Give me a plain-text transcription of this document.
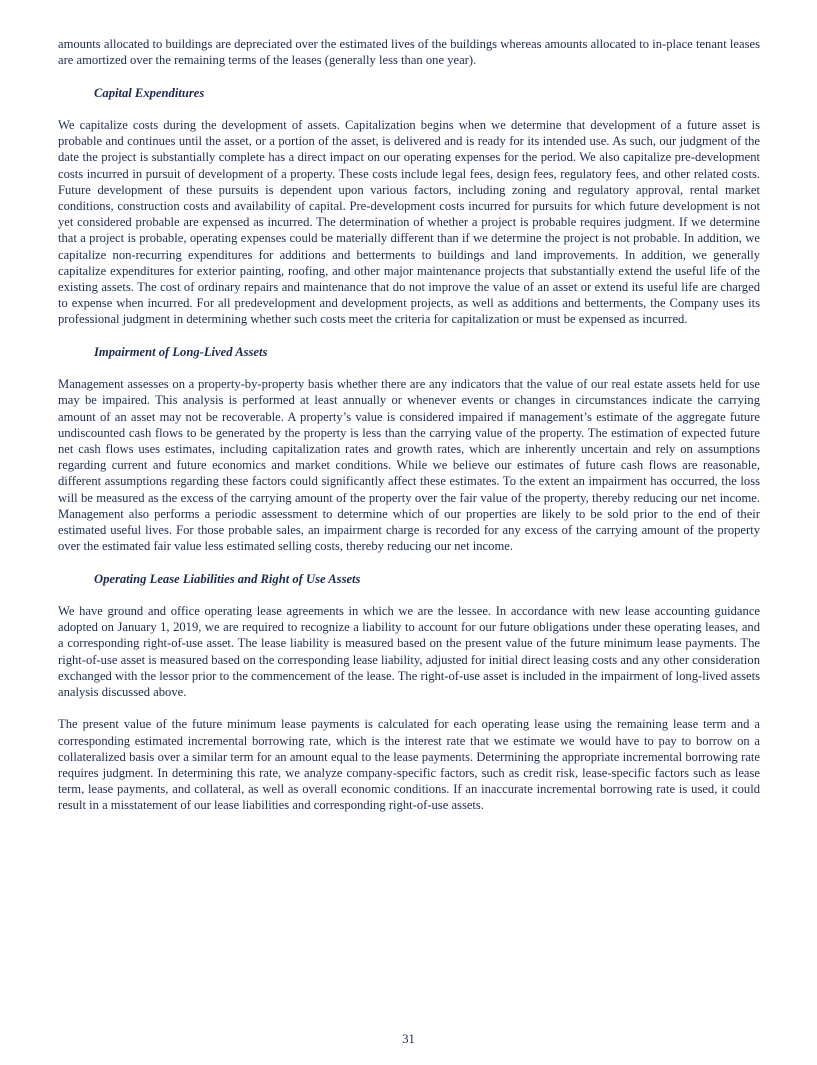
amounts allocated to buildings are depreciated over the estimated lives of the buildings whereas amounts allocated to in-place tenant leases are amortized over the remaining terms of the leases (generally less than one year).

Capital Expenditures

We capitalize costs during the development of assets. Capitalization begins when we determine that development of a future asset is probable and continues until the asset, or a portion of the asset, is delivered and is ready for its intended use. As such, our judgment of the date the project is substantially complete has a direct impact on our operating expenses for the period. We also capitalize pre-development costs incurred in pursuit of development of a property. These costs include legal fees, design fees, regulatory fees, and other related costs. Future development of these pursuits is dependent upon various factors, including zoning and regulatory approval, rental market conditions, construction costs and availability of capital. Pre-development costs incurred for pursuits for which future development is not yet considered probable are expensed as incurred. The determination of whether a project is probable requires judgment. If we determine that a project is probable, operating expenses could be materially different than if we determine the project is not probable. In addition, we capitalize non-recurring expenditures for additions and betterments to buildings and land improvements. In addition, we generally capitalize expenditures for exterior painting, roofing, and other major maintenance projects that substantially extend the useful life of the existing assets. The cost of ordinary repairs and maintenance that do not improve the value of an asset or extend its useful life are charged to expense when incurred. For all predevelopment and development projects, as well as additions and betterments, the Company uses its professional judgment in determining whether such costs meet the criteria for capitalization or must be expensed as incurred.

Impairment of Long-Lived Assets

Management assesses on a property-by-property basis whether there are any indicators that the value of our real estate assets held for use may be impaired. This analysis is performed at least annually or whenever events or changes in circumstances indicate the carrying amount of an asset may not be recoverable. A property’s value is considered impaired if management’s estimate of the aggregate future undiscounted cash flows to be generated by the property is less than the carrying value of the property. The estimation of expected future net cash flows uses estimates, including capitalization rates and growth rates, which are inherently uncertain and rely on assumptions regarding current and future economics and market conditions. While we believe our estimates of future cash flows are reasonable, different assumptions regarding these factors could significantly affect these estimates. To the extent an impairment has occurred, the loss will be measured as the excess of the carrying amount of the property over the fair value of the property, thereby reducing our net income. Management also performs a periodic assessment to determine which of our properties are likely to be sold prior to the end of their estimated useful lives. For those probable sales, an impairment charge is recorded for any excess of the carrying amount of the property over the estimated fair value less estimated selling costs, thereby reducing our net income.

Operating Lease Liabilities and Right of Use Assets

We have ground and office operating lease agreements in which we are the lessee. In accordance with new lease accounting guidance adopted on January 1, 2019, we are required to recognize a liability to account for our future obligations under these operating leases, and a corresponding right-of-use asset. The lease liability is measured based on the present value of the future minimum lease payments. The right-of-use asset is measured based on the corresponding lease liability, adjusted for initial direct leasing costs and any other consideration exchanged with the lessor prior to the commencement of the lease. The right-of-use asset is included in the impairment of long-lived assets analysis discussed above.

The present value of the future minimum lease payments is calculated for each operating lease using the remaining lease term and a corresponding estimated incremental borrowing rate, which is the interest rate that we estimate we would have to pay to borrow on a collateralized basis over a similar term for an amount equal to the lease payments. Determining the appropriate incremental borrowing rate requires judgment. In determining this rate, we analyze company-specific factors, such as credit risk, lease-specific factors such as lease term, lease payments, and collateral, as well as overall economic conditions. If an inaccurate incremental borrowing rate is used, it could result in a misstatement of our lease liabilities and corresponding right-of-use assets.

31
